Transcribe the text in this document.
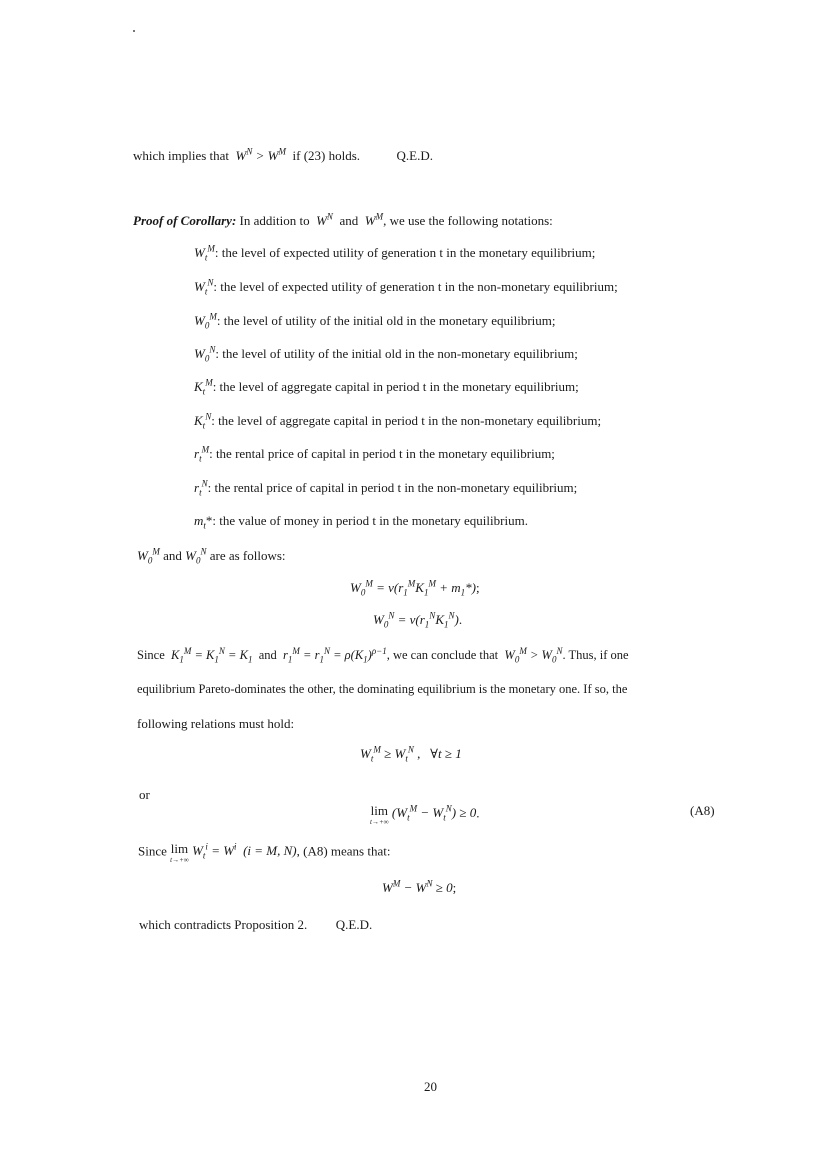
which implies that  $W^N > W^M$ if (23) holds.	Q.E.D.
Proof of Corollary: In addition to  $W^N$ and  $W^M$, we use the following notations:
$W_t^M$: the level of expected utility of generation t in the monetary equilibrium;
$W_t^N$: the level of expected utility of generation t in the non-monetary equilibrium;
$W_0^M$: the level of utility of the initial old in the monetary equilibrium;
$W_0^N$: the level of utility of the initial old in the non-monetary equilibrium;
$K_t^M$: the level of aggregate capital in period t in the monetary equilibrium;
$K_t^N$: the level of aggregate capital in period t in the non-monetary equilibrium;
$r_t^M$: the rental price of capital in period t in the monetary equilibrium;
$r_t^N$: the rental price of capital in period t in the non-monetary equilibrium;
$m_t*$: the value of money in period t in the monetary equilibrium.
$W_0^M$ and $W_0^N$ are as follows:
$W_0^M = v(r_1^MK_1^M + m_1*)$;
$W_0^N = v(r_1^NK_1^N)$.
Since  $K_1^M = K_1^N = K_1$ and  $r_1^M = r_1^N = \rho(K_1)^{\rho-1}$, we can conclude that  $W_0^M > W_0^N$. Thus, if one
equilibrium Pareto-dominates the other, the dominating equilibrium is the monetary one. If so, the
following relations must hold:
$W_t^M \ge W_t^N$ ,   ∀t ≥ 1
or
lim
t→+∞
$(W_t^M - W_t^N) \ge 0$.	(A8)
Since lim
t→+∞
$W_t^i = W^i$  (i = M, N), (A8) means that:
$W^M - W^N \ge 0$;
which contradicts Proposition 2. Q.E.D.
20
